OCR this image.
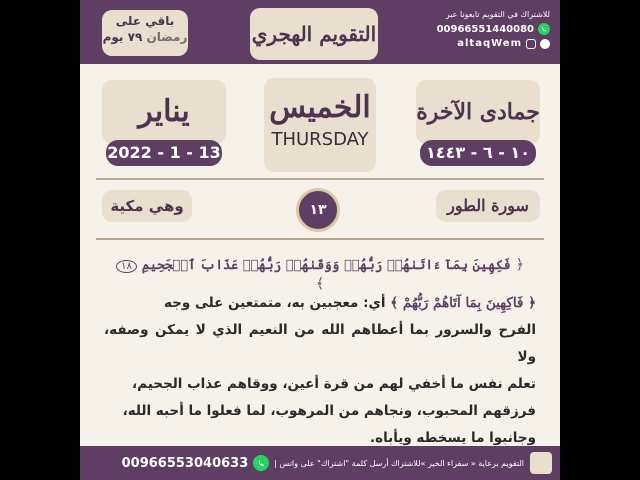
باقي على
رمضان ٧٩ يوم	التقويم الهجري
للاشتراك في التقويم تابعونا عبر
00966551440080
altaqWem
يناير
2022 - 1 - 13
الخميس
THURSDAY
جمادى الآخرة
١٠ - ٦ - ١٤٤٣
وهي مكية	١٣	سورة الطور
﴿ فَكِهِينَ بِمَآ ءَاتَىٰهُمۡ رَبُّهُمۡ وَوَقَىٰهُمۡ رَبُّهُمۡ عَذَابَ ٱلۡجَحِيمِ ١٨ ﴾
﴿ فَاكِهِينَ بِمَا آتَاهُمْ رَبُّهُمْ ﴾ أي: معجبين به، متمتعين على وجه
الفرح والسرور بما أعطاهم الله من النعيم الذي لا يمكن وصفه، ولا
تعلم نفس ما أخفي لهم من قرة أعين، ووقاهم عذاب الجحيم،
فرزقهم المحبوب، ونجاهم من المرهوب، لما فعلوا ما أحبه الله،
وجانبوا ما يسخطه ويأباه.
00966553040633	التقويم برعاية « سفراء الخير »للاشتراك أرسل كلمة "اشتراك" على واتس |
